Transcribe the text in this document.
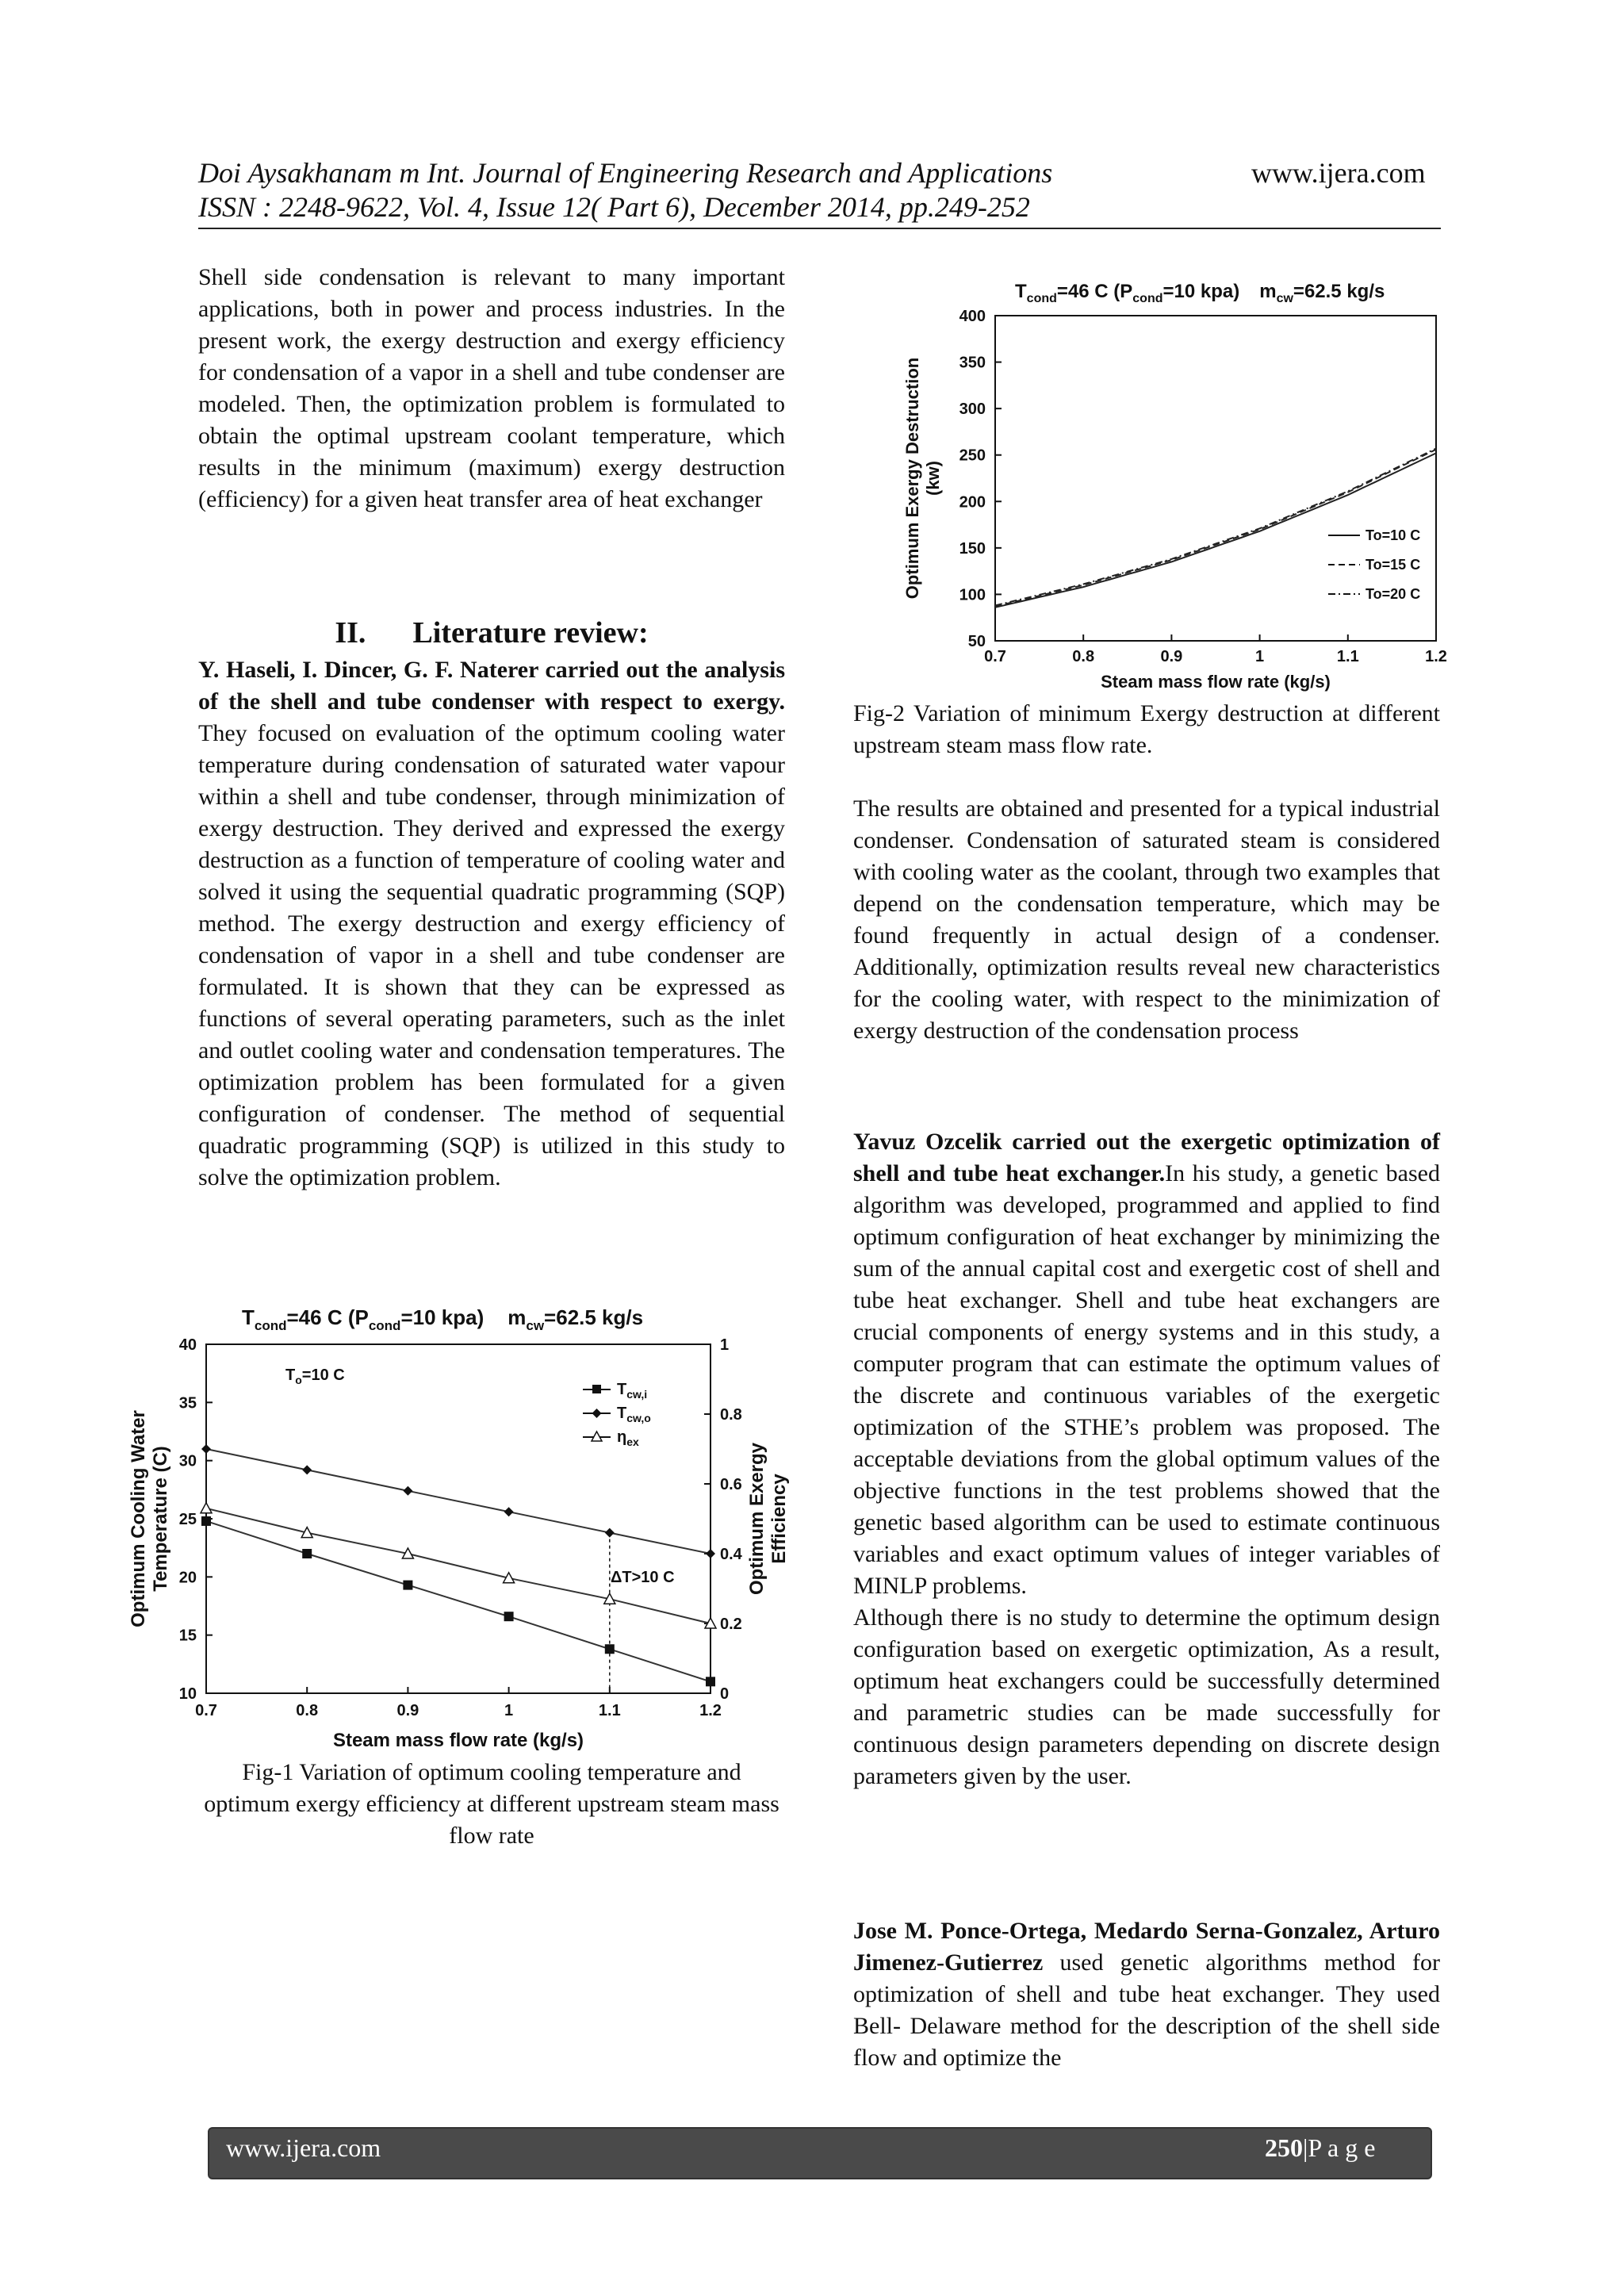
Doi Aysakhanam m Int. Journal of Engineering Research and Applications	www.ijera.com
ISSN : 2248-9622, Vol. 4, Issue 12( Part 6), December 2014, pp.249-252

Shell side condensation is relevant to many important applications, both in power and process industries. In the present work, the exergy destruction and exergy efficiency for condensation of a vapor in a shell and tube condenser are modeled. Then, the optimization problem is formulated to obtain the optimal upstream coolant temperature, which results in the minimum (maximum) exergy destruction (efficiency) for a given heat transfer area of heat exchanger

II. Literature review:

Y. Haseli, I. Dincer, G. F. Naterer carried out the analysis of the shell and tube condenser with respect to exergy. They focused on evaluation of the optimum cooling water temperature during condensation of saturated water vapour within a shell and tube condenser, through minimization of exergy destruction. They derived and expressed the exergy destruction as a function of temperature of cooling water and solved it using the sequential quadratic programming (SQP) method. The exergy destruction and exergy efficiency of condensation of vapor in a shell and tube condenser are formulated. It is shown that they can be expressed as functions of several operating parameters, such as the inlet and outlet cooling water and condensation temperatures. The optimization problem has been formulated for a given configuration of condenser. The method of sequential quadratic programming (SQP) is utilized in this study to solve the optimization problem.

$T_{cond}=46$ C ($P_{cond}=10$ kpa) $m_{cw}=62.5$ kg/s
$T_o=10$ C
ΔT>10 C
Steam mass flow rate (kg/s)
Optimum Cooling Water Temperature (C)	Optimum Exergy Efficiency
$T_{cw,i}$
$T_{cw,o}$
$\eta_{ex}$
0.7	0.8	0.9	1	1.1	1.2
10
15
20
25
30
35
40
0
0.2
0.4
0.6
0.8
1
Fig-1 Variation of optimum cooling temperature and optimum exergy efficiency at different upstream steam mass flow rate
$T_{cond}=46$ C ($P_{cond}=10$ kpa) $m_{cw}=62.5$ kg/s
Steam mass flow rate (kg/s)
Optimum Exergy Destruction (kw)
To=10 C
To=15 C
To=20 C
0.7	0.8	0.9	1	1.1	1.2
50
100
150
200
250
300
350
400
Fig-2 Variation of minimum Exergy destruction at different upstream steam mass flow rate.

The results are obtained and presented for a typical industrial condenser. Condensation of saturated steam is considered with cooling water as the coolant, through two examples that depend on the condensation temperature, which may be found frequently in actual design of a condenser. Additionally, optimization results reveal new characteristics for the cooling water, with respect to the minimization of exergy destruction of the condensation process

Yavuz Ozcelik carried out the exergetic optimization of shell and tube heat exchanger.In his study, a genetic based algorithm was developed, programmed and applied to find optimum configuration of heat exchanger by minimizing the sum of the annual capital cost and exergetic cost of shell and tube heat exchanger. Shell and tube heat exchangers are crucial components of energy systems and in this study, a computer program that can estimate the optimum values of the discrete and continuous variables of the exergetic optimization of the STHE’s problem was proposed. The acceptable deviations from the global optimum values of the objective functions in the test problems showed that the genetic based algorithm can be used to estimate continuous variables and exact optimum values of integer variables of MINLP problems.

Although there is no study to determine the optimum design configuration based on exergetic optimization, As a result, optimum heat exchangers could be successfully determined and parametric studies can be made successfully for continuous design parameters depending on discrete design parameters given by the user.

Jose M. Ponce-Ortega, Medardo Serna-Gonzalez, Arturo Jimenez-Gutierrez used genetic algorithms method for optimization of shell and tube heat exchanger. They used Bell- Delaware method for the description of the shell side flow and optimize the

www.ijera.com	250|P a g e
